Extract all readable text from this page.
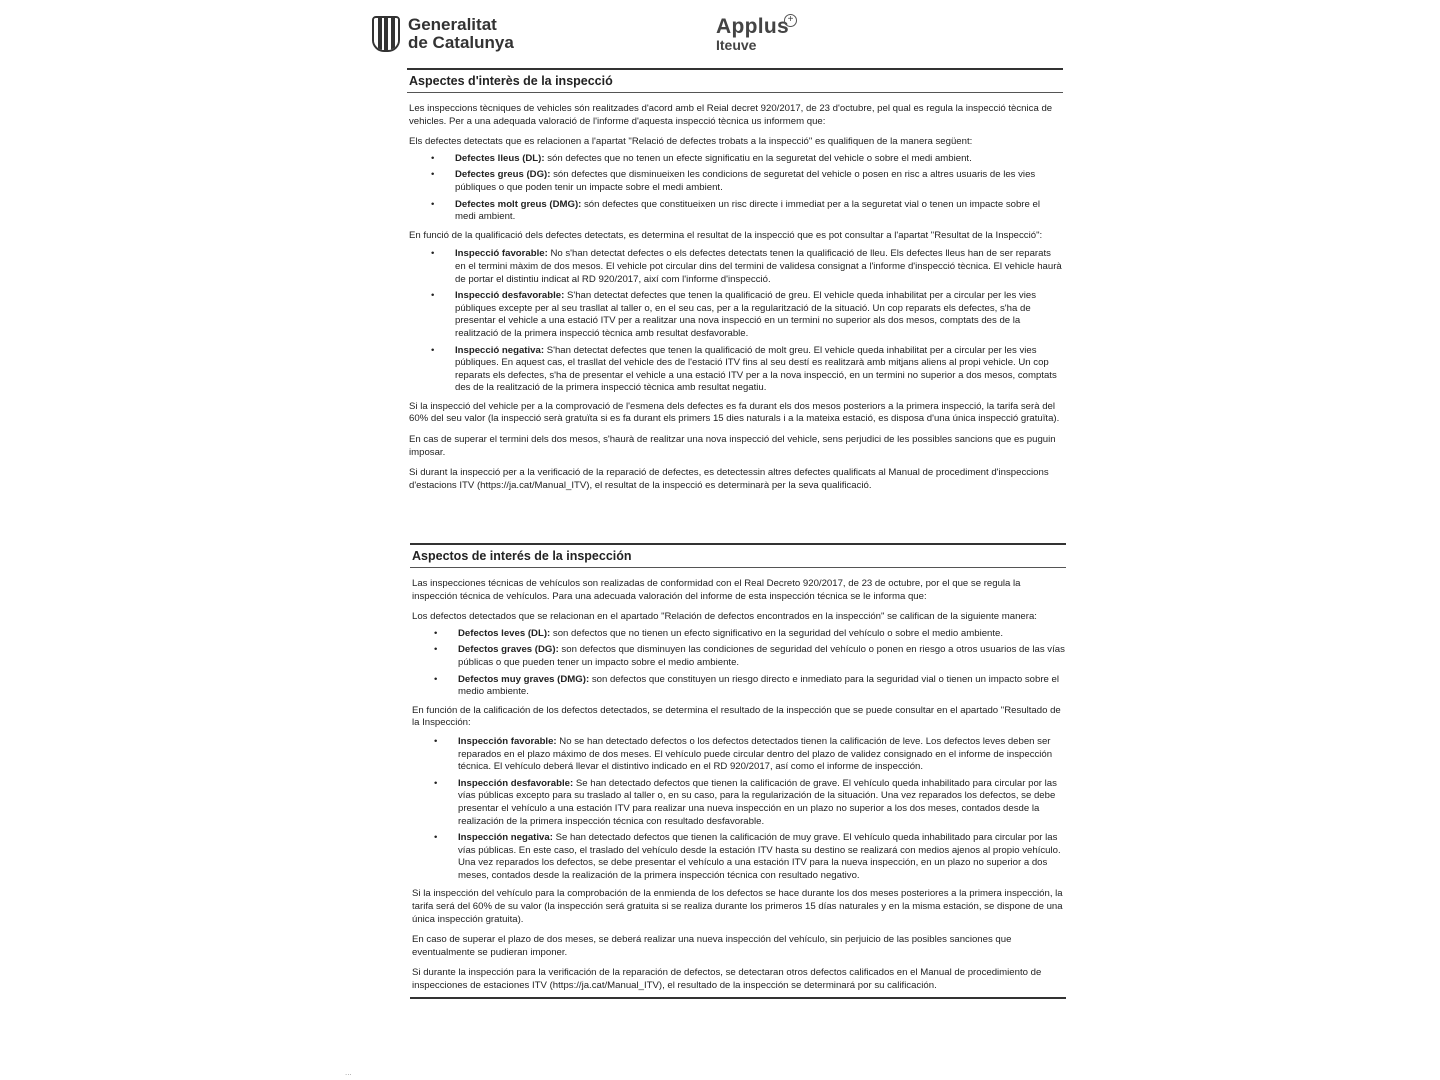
Generalitat
de Catalunya
Applus
+
Iteuve
Aspectes d'interès de la inspecció

Les inspeccions tècniques de vehicles són realitzades d'acord amb el Reial decret 920/2017, de 23 d'octubre, pel qual es regula la inspecció tècnica de vehicles. Per a una adequada valoració de l'informe d'aquesta inspecció tècnica us informem que:

Els defectes detectats que es relacionen a l'apartat "Relació de defectes trobats a la inspecció" es qualifiquen de la manera següent:

• Defectes lleus (DL): són defectes que no tenen un efecte significatiu en la seguretat del vehicle o sobre el medi ambient.
• Defectes greus (DG): són defectes que disminueixen les condicions de seguretat del vehicle o posen en risc a altres usuaris de les vies públiques o que poden tenir un impacte sobre el medi ambient.
• Defectes molt greus (DMG): són defectes que constitueixen un risc directe i immediat per a la seguretat vial o tenen un impacte sobre el medi ambient.

En funció de la qualificació dels defectes detectats, es determina el resultat de la inspecció que es pot consultar a l'apartat "Resultat de la Inspecció":

• Inspecció favorable: No s'han detectat defectes o els defectes detectats tenen la qualificació de lleu. Els defectes lleus han de ser reparats en el termini màxim de dos mesos. El vehicle pot circular dins del termini de validesa consignat a l'informe d'inspecció tècnica. El vehicle haurà de portar el distintiu indicat al RD 920/2017, així com l'informe d'inspecció.
• Inspecció desfavorable: S'han detectat defectes que tenen la qualificació de greu. El vehicle queda inhabilitat per a circular per les vies públiques excepte per al seu trasllat al taller o, en el seu cas, per a la regularització de la situació. Un cop reparats els defectes, s'ha de presentar el vehicle a una estació ITV per a realitzar una nova inspecció en un termini no superior als dos mesos, comptats des de la realització de la primera inspecció tècnica amb resultat desfavorable.
• Inspecció negativa: S'han detectat defectes que tenen la qualificació de molt greu. El vehicle queda inhabilitat per a circular per les vies públiques. En aquest cas, el trasllat del vehicle des de l'estació ITV fins al seu destí es realitzarà amb mitjans aliens al propi vehicle. Un cop reparats els defectes, s'ha de presentar el vehicle a una estació ITV per a la nova inspecció, en un termini no superior a dos mesos, comptats des de la realització de la primera inspecció tècnica amb resultat negatiu.

Si la inspecció del vehicle per a la comprovació de l'esmena dels defectes es fa durant els dos mesos posteriors a la primera inspecció, la tarifa serà del 60% del seu valor (la inspecció serà gratuïta si es fa durant els primers 15 dies naturals i a la mateixa estació, es disposa d'una única inspecció gratuïta).

En cas de superar el termini dels dos mesos, s'haurà de realitzar una nova inspecció del vehicle, sens perjudici de les possibles sancions que es puguin imposar.

Si durant la inspecció per a la verificació de la reparació de defectes, es detectessin altres defectes qualificats al Manual de procediment d'inspeccions d'estacions ITV (https://ja.cat/Manual_ITV), el resultat de la inspecció es determinarà per la seva qualificació.

Aspectos de interés de la inspección

Las inspecciones técnicas de vehículos son realizadas de conformidad con el Real Decreto 920/2017, de 23 de octubre, por el que se regula la inspección técnica de vehículos. Para una adecuada valoración del informe de esta inspección técnica se le informa que:

Los defectos detectados que se relacionan en el apartado "Relación de defectos encontrados en la inspección" se califican de la siguiente manera:

• Defectos leves (DL): son defectos que no tienen un efecto significativo en la seguridad del vehículo o sobre el medio ambiente.
• Defectos graves (DG): son defectos que disminuyen las condiciones de seguridad del vehículo o ponen en riesgo a otros usuarios de las vías públicas o que pueden tener un impacto sobre el medio ambiente.
• Defectos muy graves (DMG): son defectos que constituyen un riesgo directo e inmediato para la seguridad vial o tienen un impacto sobre el medio ambiente.

En función de la calificación de los defectos detectados, se determina el resultado de la inspección que se puede consultar en el apartado "Resultado de la Inspección:

• Inspección favorable: No se han detectado defectos o los defectos detectados tienen la calificación de leve. Los defectos leves deben ser reparados en el plazo máximo de dos meses. El vehículo puede circular dentro del plazo de validez consignado en el informe de inspección técnica. El vehículo deberá llevar el distintivo indicado en el RD 920/2017, así como el informe de inspección.
• Inspección desfavorable: Se han detectado defectos que tienen la calificación de grave. El vehículo queda inhabilitado para circular por las vías públicas excepto para su traslado al taller o, en su caso, para la regularización de la situación. Una vez reparados los defectos, se debe presentar el vehículo a una estación ITV para realizar una nueva inspección en un plazo no superior a los dos meses, contados desde la realización de la primera inspección técnica con resultado desfavorable.
• Inspección negativa: Se han detectado defectos que tienen la calificación de muy grave. El vehículo queda inhabilitado para circular por las vías públicas. En este caso, el traslado del vehículo desde la estación ITV hasta su destino se realizará con medios ajenos al propio vehículo. Una vez reparados los defectos, se debe presentar el vehículo a una estación ITV para la nueva inspección, en un plazo no superior a dos meses, contados desde la realización de la primera inspección técnica con resultado negativo.

Si la inspección del vehículo para la comprobación de la enmienda de los defectos se hace durante los dos meses posteriores a la primera inspección, la tarifa será del 60% de su valor (la inspección será gratuita si se realiza durante los primeros 15 días naturales y en la misma estación, se dispone de una única inspección gratuita).

En caso de superar el plazo de dos meses, se deberá realizar una nueva inspección del vehículo, sin perjuicio de las posibles sanciones que eventualmente se pudieran imponer.

Si durante la inspección para la verificación de la reparación de defectos, se detectaran otros defectos calificados en el Manual de procedimiento de inspecciones de estaciones ITV (https://ja.cat/Manual_ITV), el resultado de la inspección se determinará por su calificación.

...
